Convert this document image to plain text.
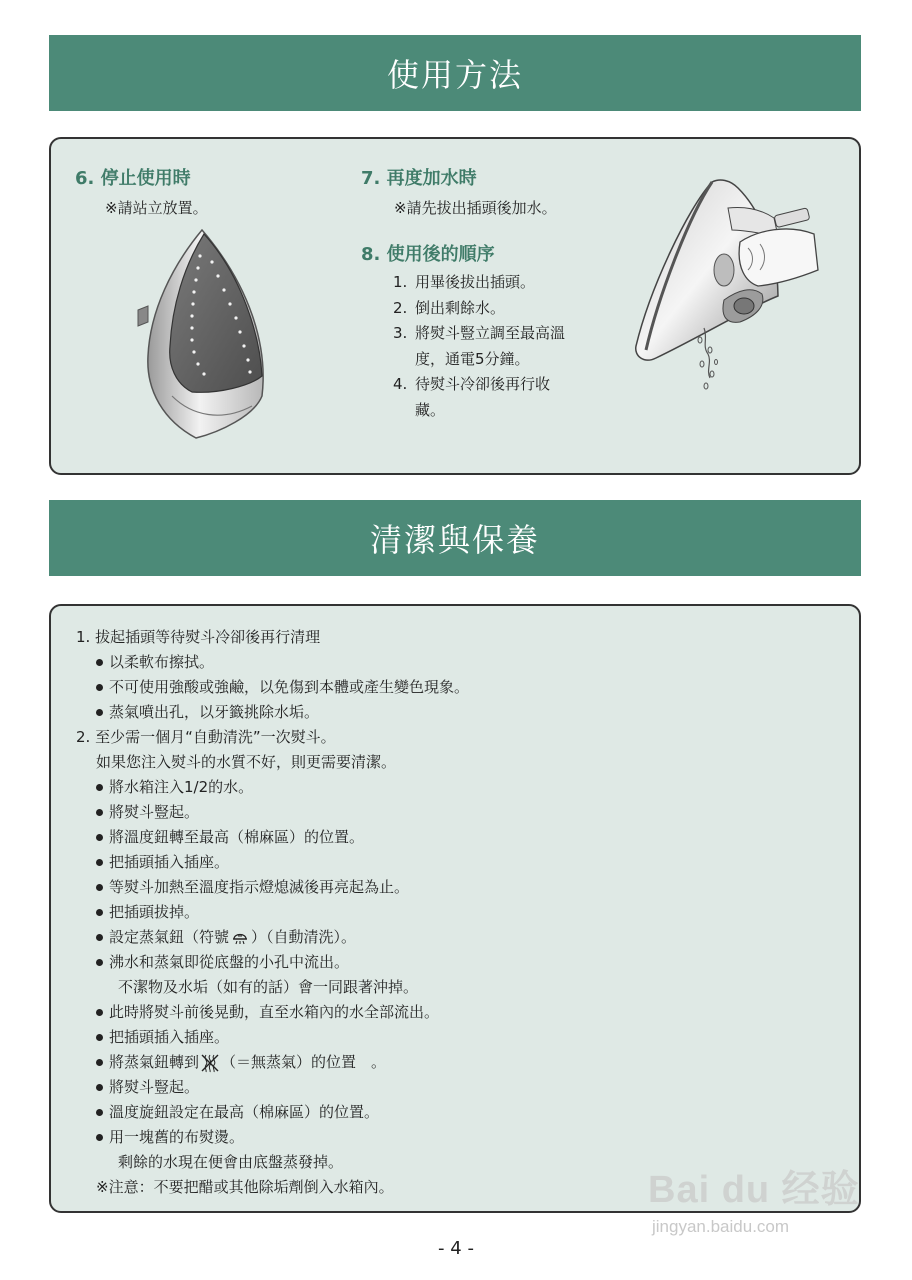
使用方法
6. 停止使用時
※請站立放置。
7. 再度加水時
※請先拔出插頭後加水。
8. 使用後的順序
1. 用畢後拔出插頭。
2. 倒出剩餘水。
3. 將熨斗豎立調至最高溫
度，通電5分鐘。
4. 待熨斗冷卻後再行收
藏。
清潔與保養
1. 拔起插頭等待熨斗冷卻後再行清理
以柔軟布擦拭。
不可使用強酸或強鹼，以免傷到本體或產生變色現象。
蒸氣噴出孔，以牙籤挑除水垢。
2. 至少需一個月“自動清洗”一次熨斗。
如果您注入熨斗的水質不好，則更需要清潔。
將水箱注入1/2的水。
將熨斗豎起。
將溫度鈕轉至最高（棉麻區）的位置。
把插頭插入插座。
等熨斗加熱至溫度指示燈熄滅後再亮起為止。
把插頭拔掉。
設定蒸氣鈕（符號 ）（自動清洗）。
沸水和蒸氣即從底盤的小孔中流出。
不潔物及水垢（如有的話）會一同跟著沖掉。
此時將熨斗前後晃動，直至水箱內的水全部流出。
把插頭插入插座。
將蒸氣鈕轉到 （＝無蒸氣）的位置　。
將熨斗豎起。
溫度旋鈕設定在最高（棉麻區）的位置。
用一塊舊的布熨燙。
剩餘的水現在便會由底盤蒸發掉。
※注意：不要把醋或其他除垢劑倒入水箱內。	Bai du 经验
jingyan.baidu.com
- 4 -
